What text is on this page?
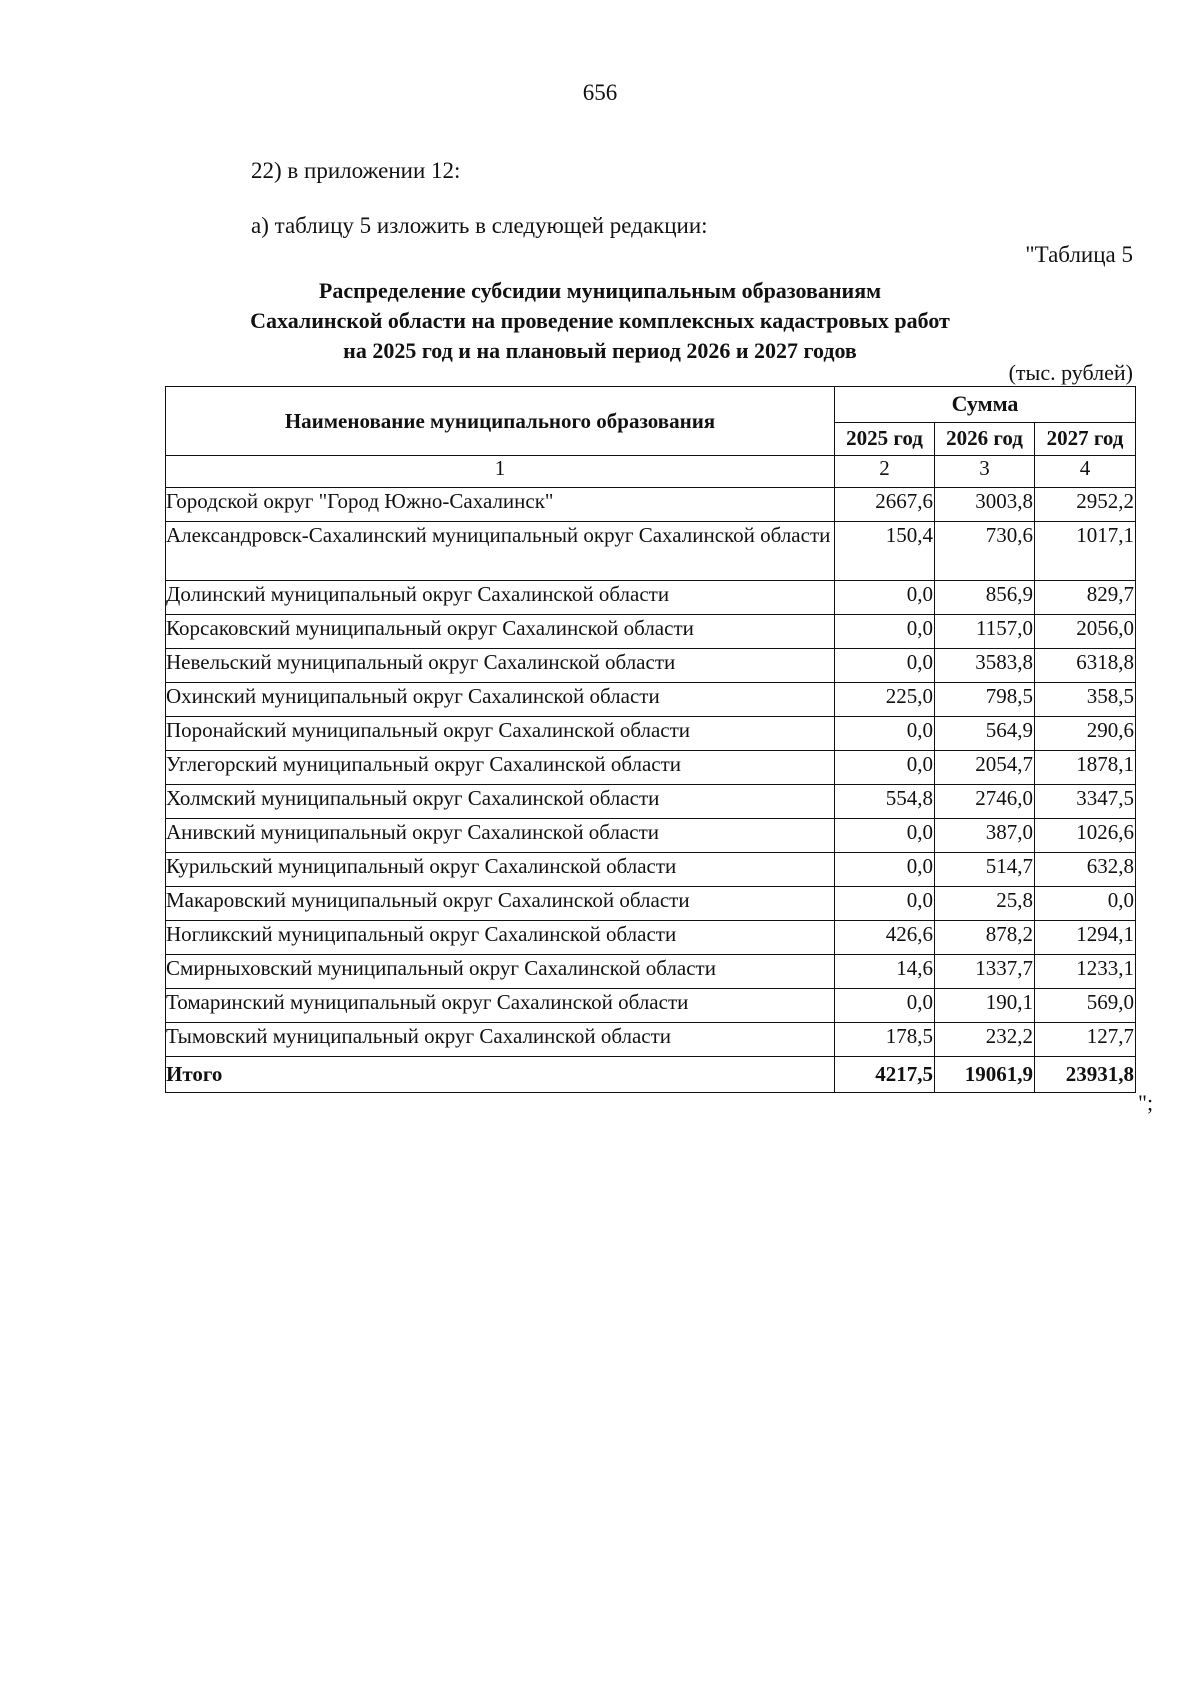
656
22) в приложении 12:
а) таблицу 5 изложить в следующей редакции:
"Таблица 5
Распределение субсидии муниципальным образованиям
Сахалинской области на проведение комплексных кадастровых работ
на 2025 год и на плановый период 2026 и 2027 годов
(тыс. рублей)
Наименование муниципального образования	Сумма		
	2025 год	2026 год	2027 год
1	2	3	4
Городской округ "Город Южно-Сахалинск"	2667,6	3003,8	2952,2
Александровск-Сахалинский муниципальный округ Сахалинской области	150,4	730,6	1017,1
Долинский муниципальный округ Сахалинской области	0,0	856,9	829,7
Корсаковский муниципальный округ Сахалинской области	0,0	1157,0	2056,0
Невельский муниципальный округ Сахалинской области	0,0	3583,8	6318,8
Охинский муниципальный округ Сахалинской области	225,0	798,5	358,5
Поронайский муниципальный округ Сахалинской области	0,0	564,9	290,6
Углегорский муниципальный округ Сахалинской области	0,0	2054,7	1878,1
Холмский муниципальный округ Сахалинской области	554,8	2746,0	3347,5
Анивский муниципальный округ Сахалинской области	0,0	387,0	1026,6
Курильский муниципальный округ Сахалинской области	0,0	514,7	632,8
Макаровский муниципальный округ Сахалинской области	0,0	25,8	0,0
Ногликский муниципальный округ Сахалинской области	426,6	878,2	1294,1
Смирныховский муниципальный округ Сахалинской области	14,6	1337,7	1233,1
Томаринский муниципальный округ Сахалинской области	0,0	190,1	569,0
Тымовский муниципальный округ Сахалинской области	178,5	232,2	127,7
Итого	4217,5	19061,9	23931,8
";
